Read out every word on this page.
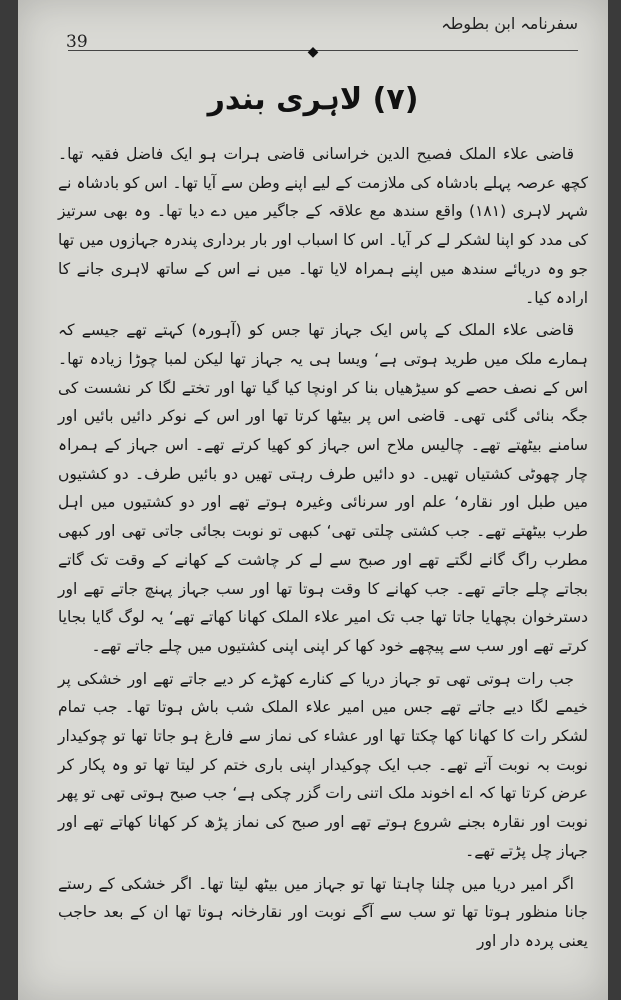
39
سفرنامہ ابن بطوطہ
◆
(۷) لاہری بندر

قاضی علاء الملک فصیح الدین خراسانی قاضی ہرات ہو ایک فاضل فقیہ تھا۔ کچھ عرصہ پہلے بادشاہ کی ملازمت کے لیے اپنے وطن سے آیا تھا۔ اس کو بادشاہ نے شہر لاہری (۱۸۱) واقع سندھ مع علاقہ کے جاگیر میں دے دیا تھا۔ وہ بھی سرتیز کی مدد کو اپنا لشکر لے کر آیا۔ اس کا اسباب اور بار برداری پندرہ جہازوں میں تھا جو وہ دریائے سندھ میں اپنے ہمراہ لایا تھا۔ میں نے اس کے ساتھ لاہری جانے کا ارادہ کیا۔

قاضی علاء الملک کے پاس ایک جہاز تھا جس کو (آہورہ) کہتے تھے جیسے کہ ہمارے ملک میں طرید ہوتی ہے‘ ویسا ہی یہ جہاز تھا لیکن لمبا چوڑا زیادہ تھا۔ اس کے نصف حصے کو سیڑھیاں بنا کر اونچا کیا گیا تھا اور تختے لگا کر نشست کی جگہ بنائی گئی تھی۔ قاضی اس پر بیٹھا کرتا تھا اور اس کے نوکر دائیں بائیں اور سامنے بیٹھتے تھے۔ چالیس ملاح اس جہاز کو کھیا کرتے تھے۔ اس جہاز کے ہمراہ چار چھوٹی کشتیاں تھیں۔ دو دائیں طرف رہتی تھیں دو بائیں طرف۔ دو کشتیوں میں طبل اور نقارہ‘ علم اور سرنائی وغیرہ ہوتے تھے اور دو کشتیوں میں اہل طرب بیٹھتے تھے۔ جب کشتی چلتی تھی‘ کبھی تو نوبت بجائی جاتی تھی اور کبھی مطرب راگ گانے لگتے تھے اور صبح سے لے کر چاشت کے کھانے کے وقت تک گاتے بجاتے چلے جاتے تھے۔ جب کھانے کا وقت ہوتا تھا اور سب جہاز پہنچ جاتے تھے اور دسترخوان بچھایا جاتا تھا جب تک امیر علاء الملک کھانا کھاتے تھے‘ یہ لوگ گایا بجایا کرتے تھے اور سب سے پیچھے خود کھا کر اپنی اپنی کشتیوں میں چلے جاتے تھے۔

جب رات ہوتی تھی تو جہاز دریا کے کنارے کھڑے کر دیے جاتے تھے اور خشکی پر خیمے لگا دیے جاتے تھے جس میں امیر علاء الملک شب باش ہوتا تھا۔ جب تمام لشکر رات کا کھانا کھا چکتا تھا اور عشاء کی نماز سے فارغ ہو جاتا تھا تو چوکیدار نوبت بہ نوبت آتے تھے۔ جب ایک چوکیدار اپنی باری ختم کر لیتا تھا تو وہ پکار کر عرض کرتا تھا کہ اے اخوند ملک اتنی رات گزر چکی ہے‘ جب صبح ہوتی تھی تو پھر نوبت اور نقارہ بجنے شروع ہوتے تھے اور صبح کی نماز پڑھ کر کھانا کھاتے تھے اور جہاز چل پڑتے تھے۔

اگر امیر دریا میں چلنا چاہتا تھا تو جہاز میں بیٹھ لیتا تھا۔ اگر خشکی کے رستے جانا منظور ہوتا تھا تو سب سے آگے نوبت اور نقارخانہ ہوتا تھا ان کے بعد حاجب یعنی پردہ دار اور
